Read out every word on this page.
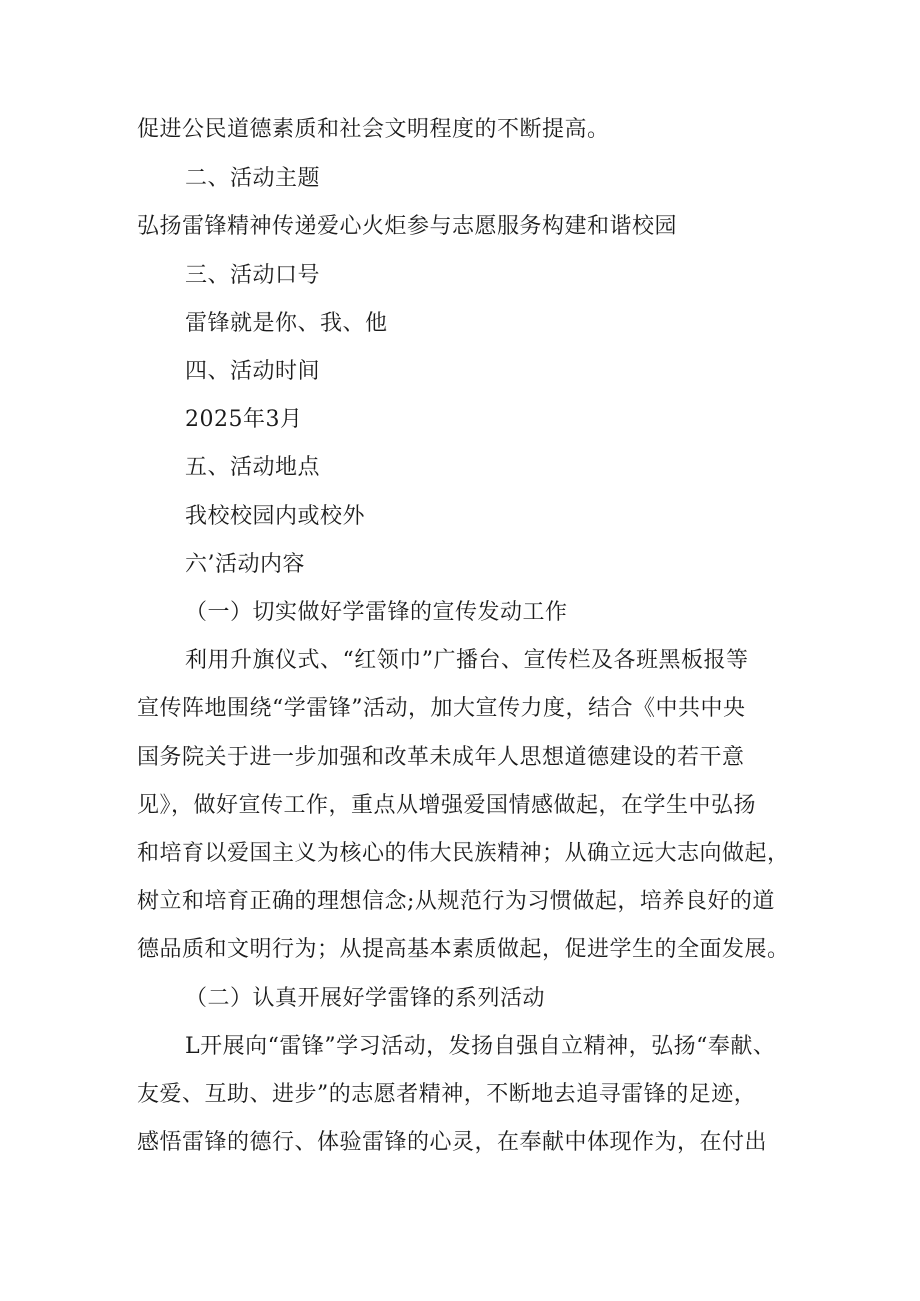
促进公民道德素质和社会文明程度的不断提高。
二、活动主题
弘扬雷锋精神传递爱心火炬参与志愿服务构建和谐校园
三、活动口号
雷锋就是你、我、他
四、活动时间
2025年3月
五、活动地点
我校校园内或校外
六’活动内容
（一）切实做好学雷锋的宣传发动工作
利用升旗仪式、“红领巾”广播台、宣传栏及各班黑板报等
宣传阵地围绕“学雷锋”活动，加大宣传力度，结合《中共中央
国务院关于进一步加强和改革未成年人思想道德建设的若干意
见》，做好宣传工作，重点从增强爱国情感做起，在学生中弘扬
和培育以爱国主义为核心的伟大民族精神；从确立远大志向做起，
树立和培育正确的理想信念;从规范行为习惯做起，培养良好的道
德品质和文明行为；从提高基本素质做起，促进学生的全面发展。
（二）认真开展好学雷锋的系列活动
L开展向“雷锋”学习活动，发扬自强自立精神，弘扬“奉献、
友爱、互助、进步”的志愿者精神，不断地去追寻雷锋的足迹，
感悟雷锋的德行、体验雷锋的心灵，在奉献中体现作为，在付出
